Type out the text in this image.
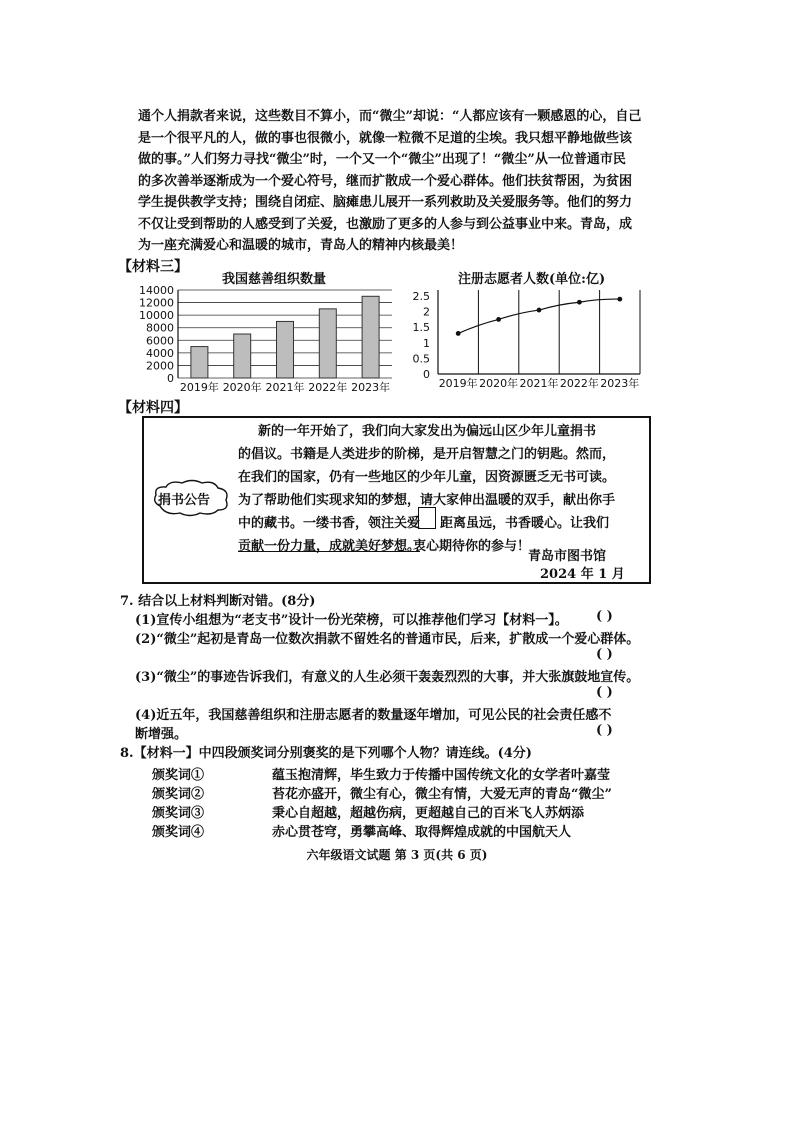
通个人捐款者来说，这些数目不算小，而“微尘”却说：“人都应该有一颗感恩的心，自己
是一个很平凡的人，做的事也很微小，就像一粒微不足道的尘埃。我只想平静地做些该
做的事。”人们努力寻找“微尘”时，一个又一个“微尘”出现了！“微尘”从一位普通市民
的多次善举逐渐成为一个爱心符号，继而扩散成一个爱心群体。他们扶贫帮困，为贫困
学生提供教学支持；围绕自闭症、脑瘫患儿展开一系列救助及关爱服务等。他们的努力
不仅让受到帮助的人感受到了关爱，也激励了更多的人参与到公益事业中来。青岛，成
为一座充满爱心和温暖的城市，青岛人的精神内核最美！
【材料三】
我国慈善组织数量
0
2000
4000
6000
8000
10000
12000
14000
2019年 2020年 2021年 2022年 2023年
注册志愿者人数(单位:亿)
0
0.5
1
1.5
2
2.5
2019年 2020年 2021年 2022年 2023年
【材料四】
捐书公告
新的一年开始了，我们向大家发出为偏远山区少年儿童捐书
的倡议。书籍是人类进步的阶梯，是开启智慧之门的钥匙。然而，
在我们的国家，仍有一些地区的少年儿童，因资源匮乏无书可读。
为了帮助他们实现求知的梦想，请大家伸出温暖的双手，献出你手
中的藏书。一缕书香，领注关爱 距离虽远，书香暖心。让我们
贡献一份力量，成就美好梦想。
衷心期待你的参与！
青岛市图书馆
2024 年 1 月
7. 结合以上材料判断对错。(8分)
(1)宣传小组想为“老支书”设计一份光荣榜，可以推荐他们学习【材料一】。 ( )
(2)“微尘”起初是青岛一位数次捐款不留姓名的普通市民，后来，扩散成一个爱心群体。
( )
(3)“微尘”的事迹告诉我们，有意义的人生必须干轰轰烈烈的大事，并大张旗鼓地宣传。
( )
(4)近五年，我国慈善组织和注册志愿者的数量逐年增加，可见公民的社会责任感不
断增强。	( )
8.【材料一】中四段颁奖词分别褒奖的是下列哪个人物？请连线。(4分)
颁奖词①	蕴玉抱清辉，毕生致力于传播中国传统文化的女学者叶嘉莹
颁奖词②	苔花亦盛开，微尘有心，微尘有情，大爱无声的青岛“微尘”
颁奖词③	秉心自超越，超越伤病，更超越自己的百米飞人苏炳添
颁奖词④	赤心贯苍穹，勇攀高峰、取得辉煌成就的中国航天人
六年级语文试题 第 3 页(共 6 页)
